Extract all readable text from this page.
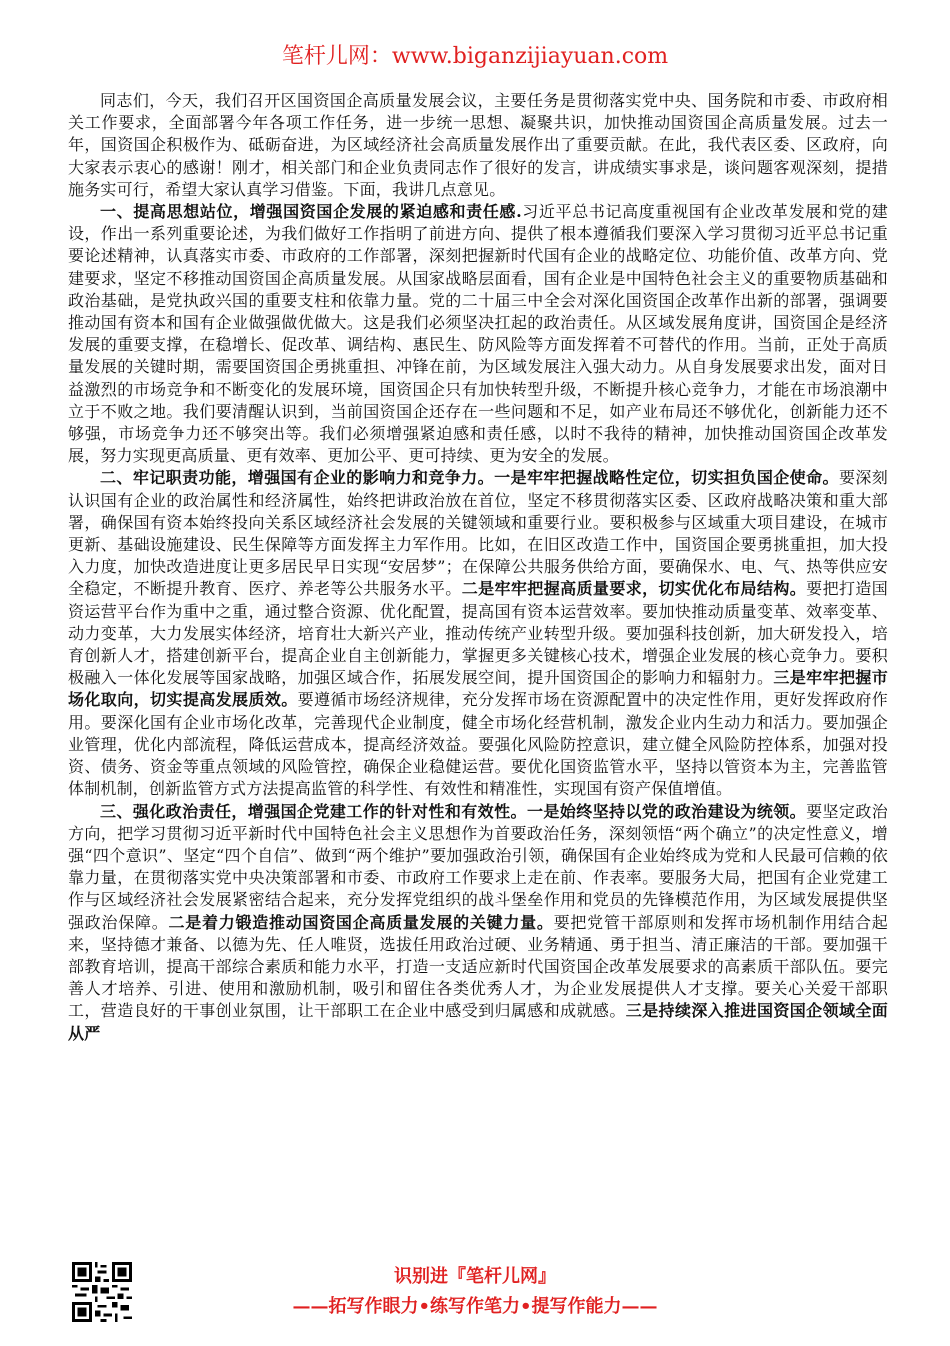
笔杆儿网：www.biganzijiayuan.com

同志们，今天，我们召开区国资国企高质量发展会议，主要任务是贯彻落实党中央、国务院和市委、市政府相关工作要求，全面部署今年各项工作任务，进一步统一思想、凝聚共识，加快推动国资国企高质量发展。过去一年，国资国企积极作为、砥砺奋进，为区域经济社会高质量发展作出了重要贡献。在此，我代表区委、区政府，向大家表示衷心的感谢！刚才，相关部门和企业负责同志作了很好的发言，讲成绩实事求是，谈问题客观深刻，提措施务实可行，希望大家认真学习借鉴。下面，我讲几点意见。

一、提高思想站位，增强国资国企发展的紧迫感和责任感.习近平总书记高度重视国有企业改革发展和党的建设，作出一系列重要论述，为我们做好工作指明了前进方向、提供了根本遵循我们要深入学习贯彻习近平总书记重要论述精神，认真落实市委、市政府的工作部署，深刻把握新时代国有企业的战略定位、功能价值、改革方向、党建要求，坚定不移推动国资国企高质量发展。从国家战略层面看，国有企业是中国特色社会主义的重要物质基础和政治基础，是党执政兴国的重要支柱和依靠力量。党的二十届三中全会对深化国资国企改革作出新的部署，强调要推动国有资本和国有企业做强做优做大。这是我们必须坚决扛起的政治责任。从区域发展角度讲，国资国企是经济发展的重要支撑，在稳增长、促改革、调结构、惠民生、防风险等方面发挥着不可替代的作用。当前，正处于高质量发展的关键时期，需要国资国企勇挑重担、冲锋在前，为区域发展注入强大动力。从自身发展要求出发，面对日益激烈的市场竞争和不断变化的发展环境，国资国企只有加快转型升级，不断提升核心竞争力，才能在市场浪潮中立于不败之地。我们要清醒认识到，当前国资国企还存在一些问题和不足，如产业布局还不够优化，创新能力还不够强，市场竞争力还不够突出等。我们必须增强紧迫感和责任感，以时不我待的精神，加快推动国资国企改革发展，努力实现更高质量、更有效率、更加公平、更可持续、更为安全的发展。

二、牢记职责功能，增强国有企业的影响力和竞争力。一是牢牢把握战略性定位，切实担负国企使命。要深刻认识国有企业的政治属性和经济属性，始终把讲政治放在首位，坚定不移贯彻落实区委、区政府战略决策和重大部署，确保国有资本始终投向关系区域经济社会发展的关键领域和重要行业。要积极参与区域重大项目建设，在城市更新、基础设施建设、民生保障等方面发挥主力军作用。比如，在旧区改造工作中，国资国企要勇挑重担，加大投入力度，加快改造进度让更多居民早日实现“安居梦”；在保障公共服务供给方面，要确保水、电、气、热等供应安全稳定，不断提升教育、医疗、养老等公共服务水平。二是牢牢把握高质量要求，切实优化布局结构。要把打造国资运营平台作为重中之重，通过整合资源、优化配置，提高国有资本运营效率。要加快推动质量变革、效率变革、动力变革，大力发展实体经济，培育壮大新兴产业，推动传统产业转型升级。要加强科技创新，加大研发投入，培育创新人才，搭建创新平台，提高企业自主创新能力，掌握更多关键核心技术，增强企业发展的核心竞争力。要积极融入一体化发展等国家战略，加强区域合作，拓展发展空间，提升国资国企的影响力和辐射力。三是牢牢把握市场化取向，切实提高发展质效。要遵循市场经济规律，充分发挥市场在资源配置中的决定性作用，更好发挥政府作用。要深化国有企业市场化改革，完善现代企业制度，健全市场化经营机制，激发企业内生动力和活力。要加强企业管理，优化内部流程，降低运营成本，提高经济效益。要强化风险防控意识，建立健全风险防控体系，加强对投资、债务、资金等重点领域的风险管控，确保企业稳健运营。要优化国资监管水平，坚持以管资本为主，完善监管体制机制，创新监管方式方法提高监管的科学性、有效性和精准性，实现国有资产保值增值。

三、强化政治责任，增强国企党建工作的针对性和有效性。一是始终坚持以党的政治建设为统领。要坚定政治方向，把学习贯彻习近平新时代中国特色社会主义思想作为首要政治任务，深刻领悟“两个确立”的决定性意义，增强“四个意识”、坚定“四个自信”、做到“两个维护”要加强政治引领，确保国有企业始终成为党和人民最可信赖的依靠力量，在贯彻落实党中央决策部署和市委、市政府工作要求上走在前、作表率。要服务大局，把国有企业党建工作与区域经济社会发展紧密结合起来，充分发挥党组织的战斗堡垒作用和党员的先锋模范作用，为区域发展提供坚强政治保障。二是着力锻造推动国资国企高质量发展的关键力量。要把党管干部原则和发挥市场机制作用结合起来，坚持德才兼备、以德为先、任人唯贤，选拔任用政治过硬、业务精通、勇于担当、清正廉洁的干部。要加强干部教育培训，提高干部综合素质和能力水平，打造一支适应新时代国资国企改革发展要求的高素质干部队伍。要完善人才培养、引进、使用和激励机制，吸引和留住各类优秀人才，为企业发展提供人才支撑。要关心关爱干部职工，营造良好的干事创业氛围，让干部职工在企业中感受到归属感和成就感。三是持续深入推进国资国企领域全面从严

识别进『笔杆儿网』
——拓写作眼力•练写作笔力•提写作能力——
